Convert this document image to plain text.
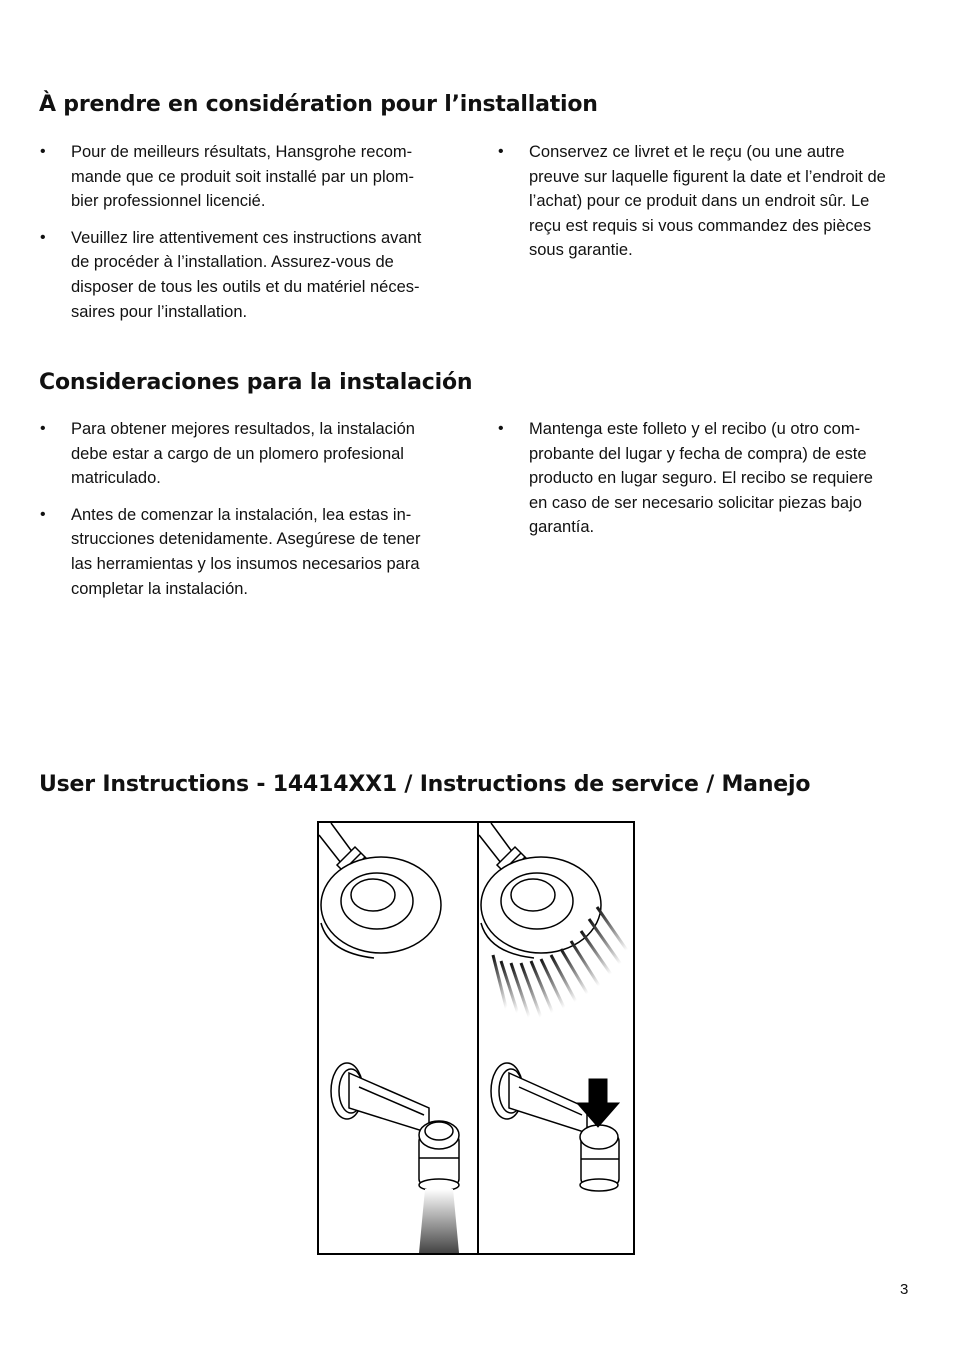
À prendre en considération pour l’installation
• Pour de meilleurs résultats, Hansgrohe recom-mande que ce produit soit installé par un plom-bier professionnel licencié.
• Veuillez lire attentivement ces instructions avant de procéder à l’installation. Assurez-vous de disposer de tous les outils et du matériel néces-saires pour l’installation.
• Conservez ce livret et le reçu (ou une autre preuve sur laquelle figurent la date et l’endroit de l’achat) pour ce produit dans un endroit sûr. Le reçu est requis si vous commandez des pièces sous garantie.
Consideraciones para la instalación
• Para obtener mejores resultados, la instalación debe estar a cargo de un plomero profesional matriculado.
• Antes de comenzar la instalación, lea estas in-strucciones detenidamente. Asegúrese de tener las herramientas y los insumos necesarios para completar la instalación.
• Mantenga este folleto y el recibo (u otro com-probante del lugar y fecha de compra) de este producto en lugar seguro. El recibo se requiere en caso de ser necesario solicitar piezas bajo garantía.
User Instructions - 14414XX1 / Instructions de service / Manejo
3
